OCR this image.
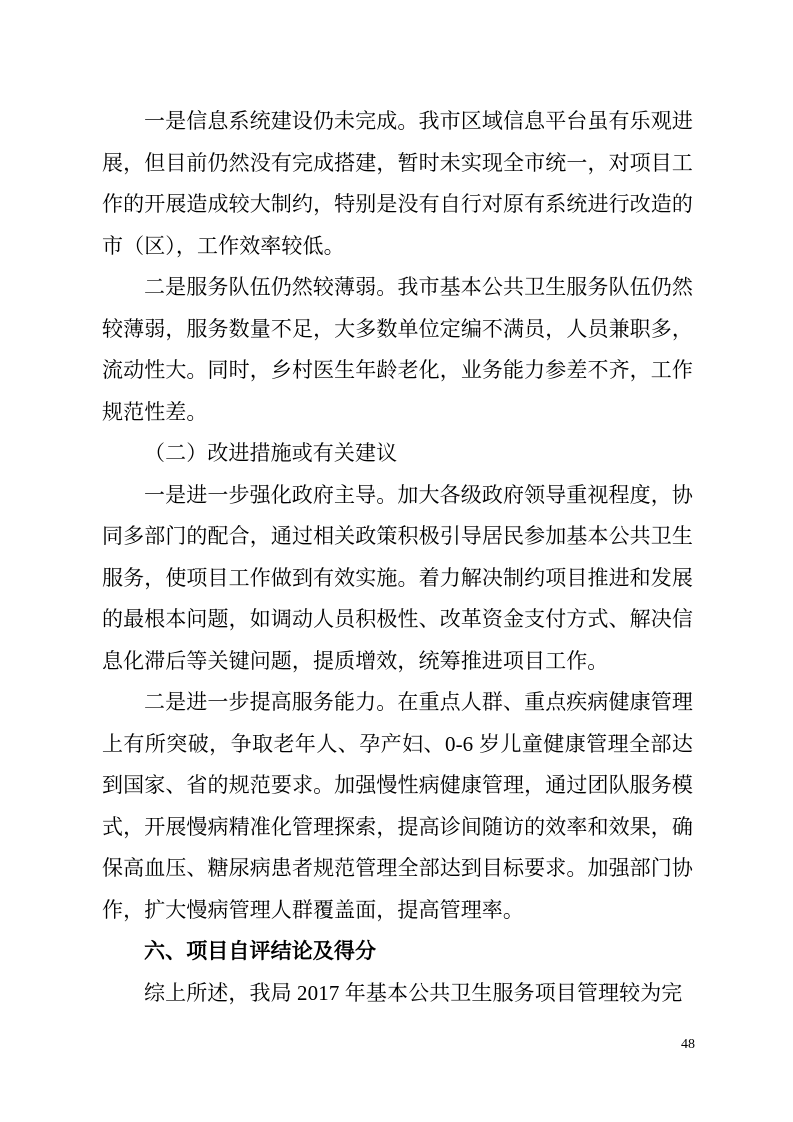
一是信息系统建设仍未完成。我市区域信息平台虽有乐观进展，但目前仍然没有完成搭建，暂时未实现全市统一，对项目工作的开展造成较大制约，特别是没有自行对原有系统进行改造的市（区），工作效率较低。

二是服务队伍仍然较薄弱。我市基本公共卫生服务队伍仍然较薄弱，服务数量不足，大多数单位定编不满员，人员兼职多，流动性大。同时，乡村医生年龄老化，业务能力参差不齐，工作规范性差。

（二）改进措施或有关建议

一是进一步强化政府主导。加大各级政府领导重视程度，协同多部门的配合，通过相关政策积极引导居民参加基本公共卫生服务，使项目工作做到有效实施。着力解决制约项目推进和发展的最根本问题，如调动人员积极性、改革资金支付方式、解决信息化滞后等关键问题，提质增效，统筹推进项目工作。

二是进一步提高服务能力。在重点人群、重点疾病健康管理上有所突破，争取老年人、孕产妇、0-6 岁儿童健康管理全部达到国家、省的规范要求。加强慢性病健康管理，通过团队服务模式，开展慢病精准化管理探索，提高诊间随访的效率和效果，确保高血压、糖尿病患者规范管理全部达到目标要求。加强部门协作，扩大慢病管理人群覆盖面，提高管理率。

六、项目自评结论及得分

综上所述，我局 2017 年基本公共卫生服务项目管理较为完

48
